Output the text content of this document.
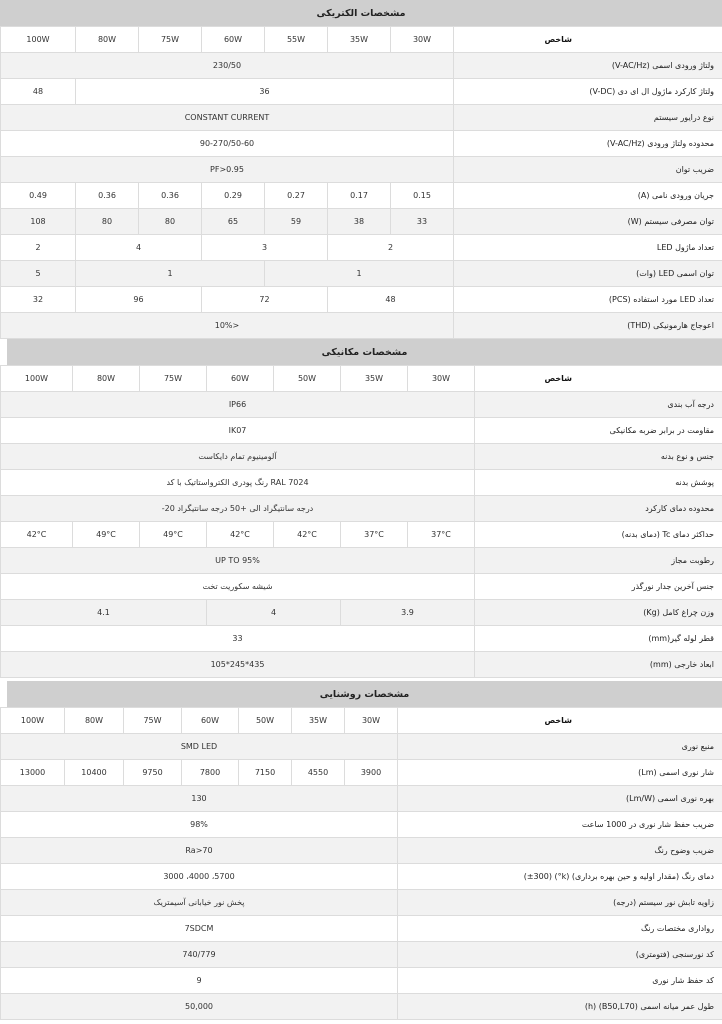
مشخصات الکتریکی
100W	80W	75W	60W	55W	35W	30W	شاخص
230/50							ولتاژ ورودی اسمی (V-AC/Hz)
48	36						ولتاژ کارکرد ماژول ال ای دی (V-DC)
CONSTANT CURRENT							نوع درایور سیستم
90-270/50-60							محدوده ولتاژ ورودی (V-AC/Hz)
PF>0.95							ضریب توان
0.49	0.36	0.36	0.29	0.27	0.17	0.15	جریان ورودی نامی (A)
108	80	80	65	59	38	33	توان مصرفی سیستم (W)
2	4		3		2		تعداد ماژول LED
5	1			1			توان اسمی LED (وات)
32	96		72		48		تعداد LED مورد استفاده (PCS)
10%>							اعوجاج هارمونیکی (THD)
مشخصات مکانیکی
100W	80W	75W	60W	50W	35W	30W	شاخص
IP66							درجه آب بندی
IK07							مقاومت در برابر ضربه مکانیکی
آلومینیوم تمام دایکاست							جنس و نوع بدنه
رنگ پودری الکترواستاتیک با کد RAL 7024							پوشش بدنه
-20 درجه سانتیگراد الی +50 درجه سانتیگراد							محدوده دمای کارکرد
42°C	49°C	49°C	42°C	42°C	37°C	37°C	حداکثر دمای Tc (دمای بدنه)
UP TO 95%							رطوبت مجاز
شیشه سکوریت تخت							جنس آخرین جدار نورگذر
4.1			4		3.9		وزن چراغ کامل (Kg)
33							قطر لوله گیر(mm)
105*245*435							ابعاد خارجی (mm)
مشخصات روشنایی
100W	80W	75W	60W	50W	35W	30W	شاخص
SMD LED							منبع نوری
13000	10400	9750	7800	7150	4550	3900	شار نوری اسمی (Lm)
130							بهره نوری اسمی (Lm/W)
98%							ضریب حفظ شار نوری در 1000 ساعت
Ra>70							ضریب وضوح رنگ
3000 ،4000 ،5700							دمای رنگ (مقدار اولیه و حین بهره برداری) (k°) (±300)
پخش نور خیابانی آسیمتریک							زاویه تابش نور سیستم (درجه)
7SDCM							رواداری مختصات رنگ
740/779							کد نورسنجی (فتومتری)
9							کد حفظ شار نوری
50,000							طول عمر میانه اسمی (B50,L70) (h)
